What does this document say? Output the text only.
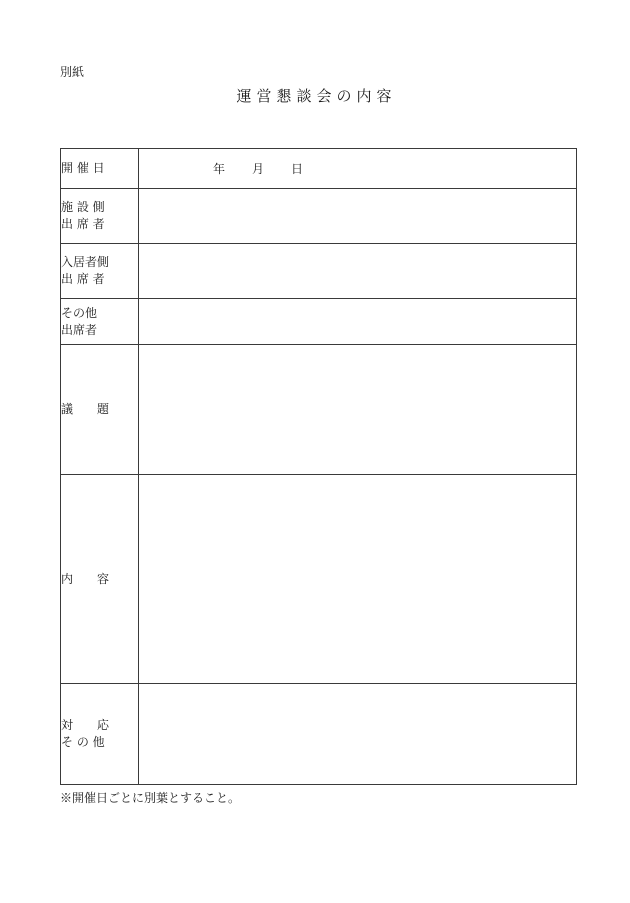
別紙
運営懇談会の内容
開 催 日	年　　月　　日

施 設 側
出 席 者	

入居者側
出 席 者	

その他
出席者	

議　　題	

内　　容	

対　　応
そ の 他	

※開催日ごとに別葉とすること。
